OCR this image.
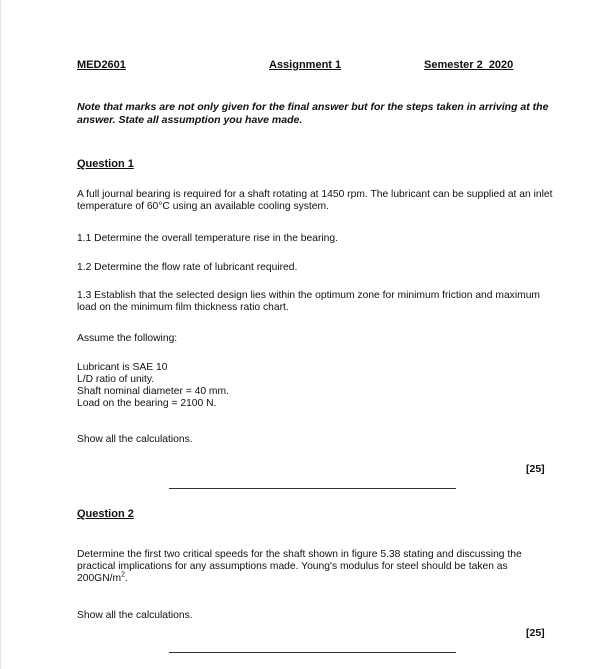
MED2601	Assignment 1	Semester 2  2020
Note that marks are not only given for the final answer but for the steps taken in arriving at the answer. State all assumption you have made.
Question 1
A full journal bearing is required for a shaft rotating at 1450 rpm. The lubricant can be supplied at an inlet temperature of 60°C using an available cooling system.
1.1 Determine the overall temperature rise in the bearing.
1.2 Determine the flow rate of lubricant required.
1.3 Establish that the selected design lies within the optimum zone for minimum friction and maximum load on the minimum film thickness ratio chart.
Assume the following:
Lubricant is SAE 10
L/D ratio of unity.
Shaft nominal diameter = 40 mm.
Load on the bearing = 2100 N.
Show all the calculations.
[25]
Question 2
Determine the first two critical speeds for the shaft shown in figure 5.38 stating and discussing the practical implications for any assumptions made. Young's modulus for steel should be taken as $200GN/m^2$.
Show all the calculations.
[25]
